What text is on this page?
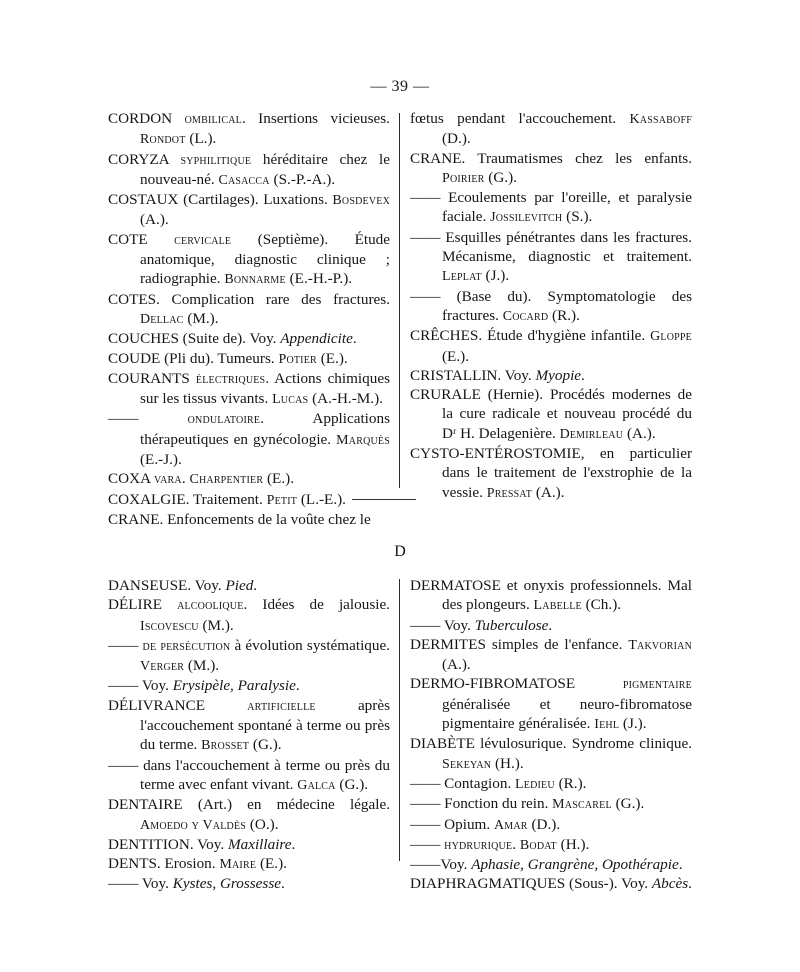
— 39 —

CORDON ombilical. Insertions vicieuses. Rondot (L.).

CORYZA syphilitique héréditaire chez le nouveau-né. Casacca (S.-P.-A.).

COSTAUX (Cartilages). Luxations. Bosdevex (A.).

COTE cervicale (Septième). Étude anatomique, diagnostic clinique ; radiographie. Bonnarme (E.-H.-P.).

COTES. Complication rare des fractures. Dellac (M.).

COUCHES (Suite de). Voy. Appendicite.

COUDE (Pli du). Tumeurs. Potier (E.).

COURANTS électriques. Actions chimiques sur les tissus vivants. Lucas (A.-H.-M.).

—— ondulatoire. Applications thérapeutiques en gynécologie. Marquès (E.-J.).

COXA vara. Charpentier (E.).

COXALGIE. Traitement. Petit (L.-E.).

CRANE. Enfoncements de la voûte chez le

fœtus pendant l'accouchement. Kassaboff (D.).

CRANE. Traumatismes chez les enfants. Poirier (G.).

—— Ecoulements par l'oreille, et paralysie faciale. Jossilevitch (S.).

—— Esquilles pénétrantes dans les fractures. Mécanisme, diagnostic et traitement. Leplat (J.).

—— (Base du). Symptomatologie des fractures. Cocard (R.).

CRÊCHES. Étude d'hygiène infantile. Gloppe (E.).

CRISTALLIN. Voy. Myopie.

CRURALE (Hernie). Procédés modernes de la cure radicale et nouveau procédé du Dʳ H. Delagenière. Demirleau (A.).

CYSTO-ENTÉROSTOMIE, en particulier dans le traitement de l'exstrophie de la vessie. Pressat (A.).

D

DANSEUSE. Voy. Pied.

DÉLIRE alcoolique. Idées de jalousie. Iscovescu (M.).

—— de persécution à évolution systématique. Verger (M.).

—— Voy. Erysipèle, Paralysie.

DÉLIVRANCE artificielle après l'accouchement spontané à terme ou près du terme. Brosset (G.).

—— dans l'accouchement à terme ou près du terme avec enfant vivant. Galca (G.).

DENTAIRE (Art.) en médecine légale. Amoedo y Valdès (O.).

DENTITION. Voy. Maxillaire.

DENTS. Erosion. Maire (E.).

—— Voy. Kystes, Grossesse.

DERMATOSE et onyxis professionnels. Mal des plongeurs. Labelle (Ch.).

—— Voy. Tuberculose.

DERMITES simples de l'enfance. Takvorian (A.).

DERMO-FIBROMATOSE pigmentaire généralisée et neuro-fibromatose pigmentaire généralisée. Iehl (J.).

DIABÈTE lévulosurique. Syndrome clinique. Sekeyan (H.).

—— Contagion. Ledieu (R.).

—— Fonction du rein. Mascarel (G.).

—— Opium. Amar (D.).

—— hydrurique. Bodat (H.).

——Voy. Aphasie, Grangrène, Opothérapie.

DIAPHRAGMATIQUES (Sous-). Voy. Abcès.
